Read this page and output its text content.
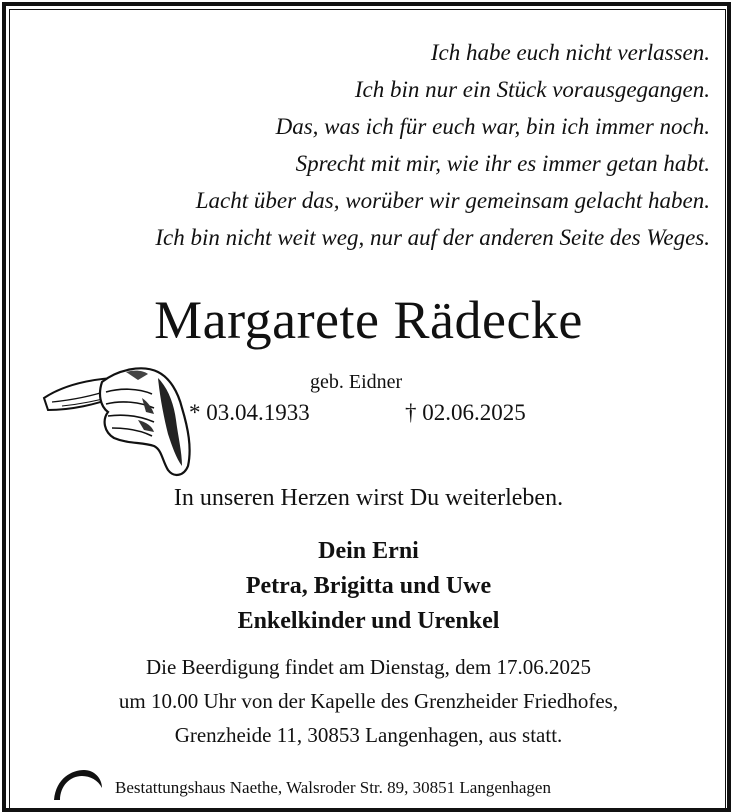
Ich habe euch nicht verlassen.
Ich bin nur ein Stück vorausgegangen.
Das, was ich für euch war, bin ich immer noch.
Sprecht mit mir, wie ihr es immer getan habt.
Lacht über das, worüber wir gemeinsam gelacht haben.
Ich bin nicht weit weg, nur auf der anderen Seite des Weges.
Margarete Rädecke
geb. Eidner
* 03.04.1933	† 02.06.2025
In unseren Herzen wirst Du weiterleben.
Dein Erni
Petra, Brigitta und Uwe
Enkelkinder und Urenkel
Die Beerdigung findet am Dienstag, dem 17.06.2025
um 10.00 Uhr von der Kapelle des Grenzheider Friedhofes,
Grenzheide 11, 30853 Langenhagen, aus statt.
Bestattungshaus Naethe, Walsroder Str. 89, 30851 Langenhagen
